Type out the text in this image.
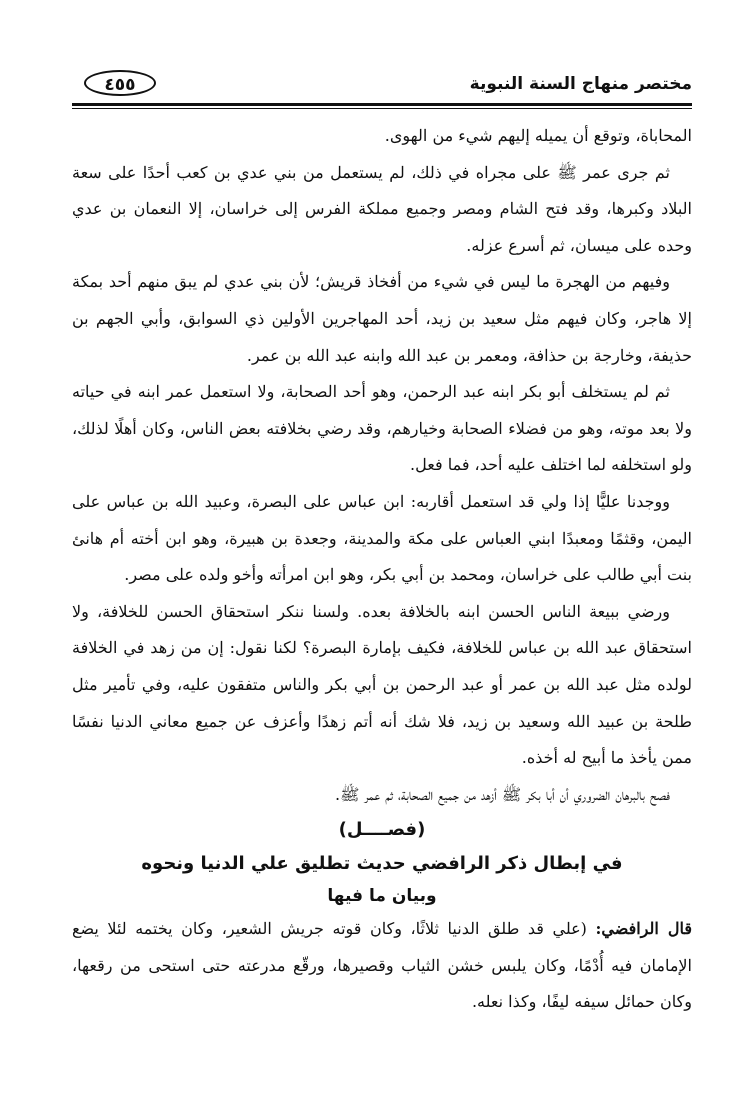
مختصر منهاج السنة النبوية
٤٥٥

المحاباة، وتوقع أن يميله إليهم شيء من الهوى.

ثم جرى عمر ﷺ على مجراه في ذلك، لم يستعمل من بني عدي بن كعب أحدًا على سعة البلاد وكبرها، وقد فتح الشام ومصر وجميع مملكة الفرس إلى خراسان، إلا النعمان بن عدي وحده على ميسان، ثم أسرع عزله.

وفيهم من الهجرة ما ليس في شيء من أفخاذ قريش؛ لأن بني عدي لم يبق منهم أحد بمكة إلا هاجر، وكان فيهم مثل سعيد بن زيد، أحد المهاجرين الأولين ذي السوابق، وأبي الجهم بن حذيفة، وخارجة بن حذافة، ومعمر بن عبد الله وابنه عبد الله بن عمر.

ثم لم يستخلف أبو بكر ابنه عبد الرحمن، وهو أحد الصحابة، ولا استعمل عمر ابنه في حياته ولا بعد موته، وهو من فضلاء الصحابة وخيارهم، وقد رضي بخلافته بعض الناس، وكان أهلًا لذلك، ولو استخلفه لما اختلف عليه أحد، فما فعل.

ووجدنا عليًّا إذا ولي قد استعمل أقاربه: ابن عباس على البصرة، وعبيد الله بن عباس على اليمن، وقثمًا ومعبدًا ابني العباس على مكة والمدينة، وجعدة بن هبيرة، وهو ابن أخته أم هانئ بنت أبي طالب على خراسان، ومحمد بن أبي بكر، وهو ابن امرأته وأخو ولده على مصر.

ورضي ببيعة الناس الحسن ابنه بالخلافة بعده. ولسنا ننكر استحقاق الحسن للخلافة، ولا استحقاق عبد الله بن عباس للخلافة، فكيف بإمارة البصرة؟ لكنا نقول: إن من زهد في الخلافة لولده مثل عبد الله بن عمر أو عبد الرحمن بن أبي بكر والناس متفقون عليه، وفي تأمير مثل طلحة بن عبيد الله وسعيد بن زيد، فلا شك أنه أتم زهدًا وأعزف عن جميع معاني الدنيا نفسًا ممن يأخذ ما أبيح له أخذه.

فصح بالبرهان الضروري أن أبا بكر ﷺ أزهد من جميع الصحابة، ثم عمر ﷺ.

(فصــــل)
في إبطال ذكر الرافضي حديث تطليق علي الدنيا ونحوه
وبيان ما فيها

قال الرافضي: (علي قد طلق الدنيا ثلاثًا، وكان قوته جريش الشعير، وكان يختمه لئلا يضع الإمامان فيه أُدْمًا، وكان يلبس خشن الثياب وقصيرها، ورقّع مدرعته حتى استحى من رقعها، وكان حمائل سيفه ليفًا، وكذا نعله.
